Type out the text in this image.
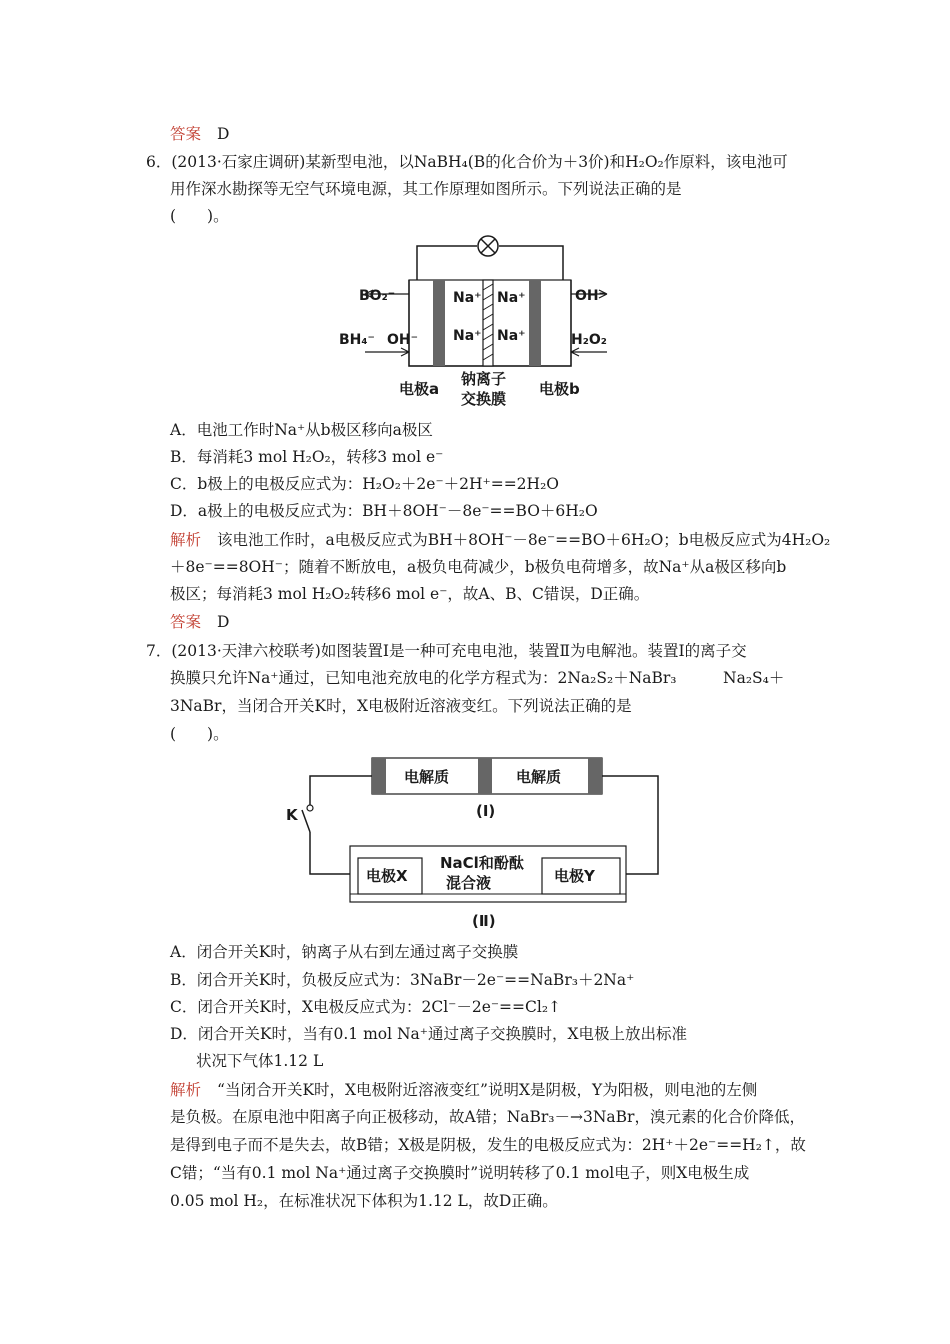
答案 D
6．(2013·石家庄调研)某新型电池，以NaBH₄(B的化合价为＋3价)和H₂O₂作原料，该电池可
用作深水勘探等无空气环境电源，其工作原理如图所示。下列说法正确的是
(　　)。
BO₂⁻
BH₄⁻ OH⁻
Na⁺
Na⁺
Na⁺
Na⁺
OH⁻
H₂O₂
电极a
钠离子
交换膜
电极b
A．电池工作时Na⁺从b极区移向a极区
B．每消耗3 mol H₂O₂，转移3 mol e⁻
C．b极上的电极反应式为：H₂O₂＋2e⁻＋2H⁺==2H₂O
D．a极上的电极反应式为：BH＋8OH⁻－8e⁻==BO＋6H₂O
解析 该电池工作时，a电极反应式为BH＋8OH⁻－8e⁻==BO＋6H₂O；b电极反应式为4H₂O₂
＋8e⁻==8OH⁻；随着不断放电，a极负电荷减少，b极负电荷增多，故Na⁺从a极区移向b
极区；每消耗3 mol H₂O₂转移6 mol e⁻，故A、B、C错误，D正确。
答案 D
7．(2013·天津六校联考)如图装置Ⅰ是一种可充电电池，装置Ⅱ为电解池。装置Ⅰ的离子交
换膜只允许Na⁺通过，已知电池充放电的化学方程式为：2Na₂S₂＋NaBr₃　　　Na₂S₄＋
3NaBr，当闭合开关K时，X电极附近溶液变红。下列说法正确的是
(　　)。
K
电解质	电解质
(Ⅰ)
电极X
NaCl和酚酞
混合液	电极Y
(Ⅱ)
A．闭合开关K时，钠离子从右到左通过离子交换膜
B．闭合开关K时，负极反应式为：3NaBr－2e⁻==NaBr₃＋2Na⁺
C．闭合开关K时，X电极反应式为：2Cl⁻－2e⁻==Cl₂↑
D．闭合开关K时，当有0.1 mol Na⁺通过离子交换膜时，X电极上放出标准
状况下气体1.12 L
解析 “当闭合开关K时，X电极附近溶液变红”说明X是阴极，Y为阳极，则电池的左侧
是负极。在原电池中阳离子向正极移动，故A错；NaBr₃－→3NaBr，溴元素的化合价降低，
是得到电子而不是失去，故B错；X极是阴极，发生的电极反应式为：2H⁺＋2e⁻==H₂↑，故
C错；“当有0.1 mol Na⁺通过离子交换膜时”说明转移了0.1 mol电子，则X电极生成
0.05 mol H₂，在标准状况下体积为1.12 L，故D正确。
